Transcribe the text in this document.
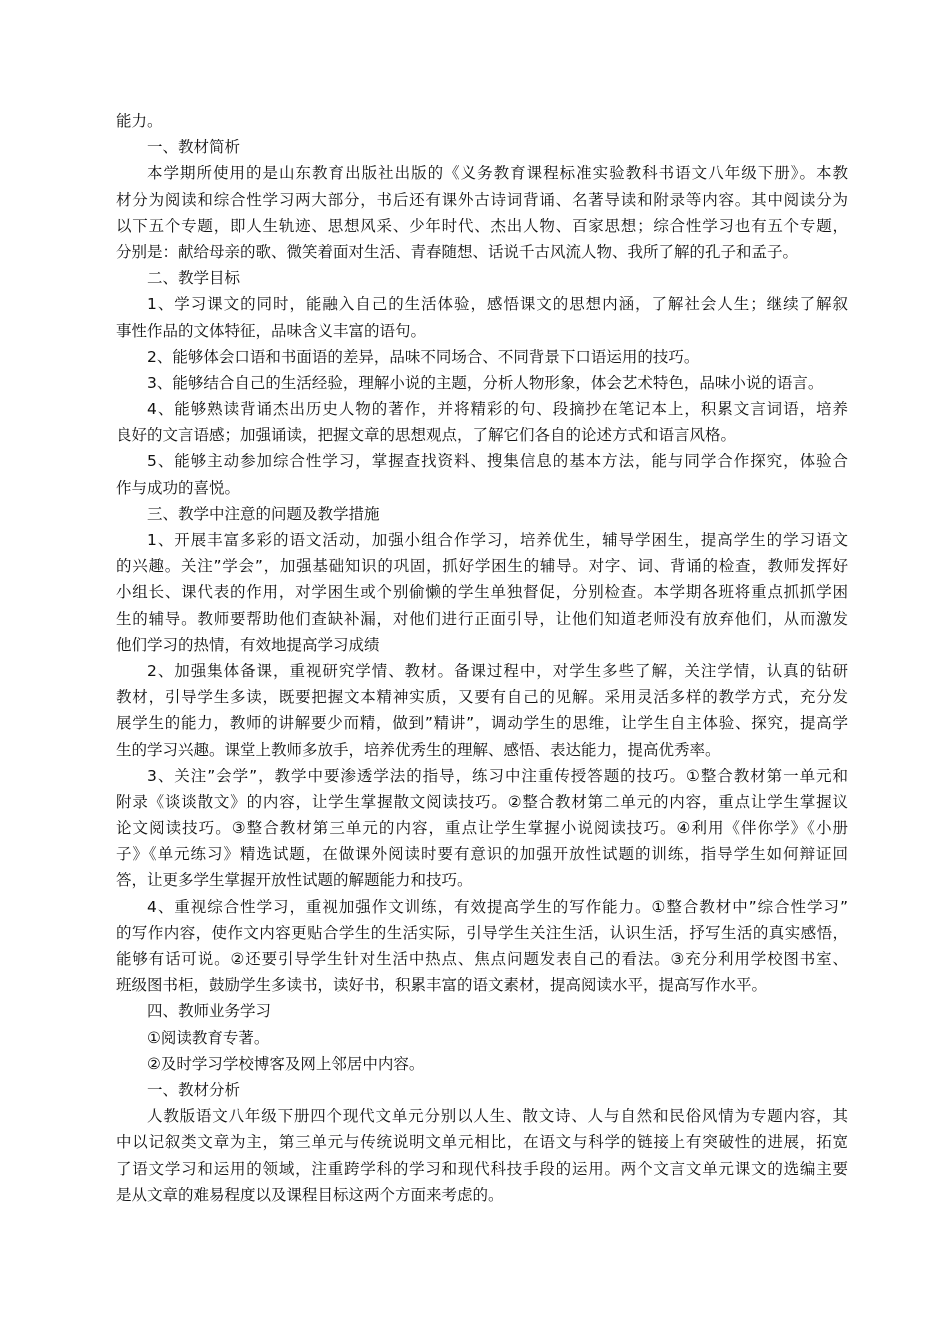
能力。
一、教材简析
本学期所使用的是山东教育出版社出版的《义务教育课程标准实验教科书语文八年级下册》。本教
材分为阅读和综合性学习两大部分，书后还有课外古诗词背诵、名著导读和附录等内容。其中阅读分为
以下五个专题，即人生轨迹、思想风采、少年时代、杰出人物、百家思想；综合性学习也有五个专题，
分别是：献给母亲的歌、微笑着面对生活、青春随想、话说千古风流人物、我所了解的孔子和孟子。
二、教学目标
1、学习课文的同时，能融入自己的生活体验，感悟课文的思想内涵，了解社会人生；继续了解叙
事性作品的文体特征，品味含义丰富的语句。
2、能够体会口语和书面语的差异，品味不同场合、不同背景下口语运用的技巧。
3、能够结合自己的生活经验，理解小说的主题，分析人物形象，体会艺术特色，品味小说的语言。
4、能够熟读背诵杰出历史人物的著作，并将精彩的句、段摘抄在笔记本上，积累文言词语，培养
良好的文言语感；加强诵读，把握文章的思想观点，了解它们各自的论述方式和语言风格。
5、能够主动参加综合性学习，掌握查找资料、搜集信息的基本方法，能与同学合作探究，体验合
作与成功的喜悦。
三、教学中注意的问题及教学措施
1、开展丰富多彩的语文活动，加强小组合作学习，培养优生，辅导学困生，提高学生的学习语文
的兴趣。关注”学会”，加强基础知识的巩固，抓好学困生的辅导。对字、词、背诵的检查，教师发挥好
小组长、课代表的作用，对学困生或个别偷懒的学生单独督促，分别检查。本学期各班将重点抓抓学困
生的辅导。教师要帮助他们查缺补漏，对他们进行正面引导，让他们知道老师没有放弃他们，从而激发
他们学习的热情，有效地提高学习成绩
2、加强集体备课，重视研究学情、教材。备课过程中，对学生多些了解，关注学情，认真的钻研
教材，引导学生多读，既要把握文本精神实质，又要有自己的见解。采用灵活多样的教学方式，充分发
展学生的能力，教师的讲解要少而精，做到”精讲”，调动学生的思维，让学生自主体验、探究，提高学
生的学习兴趣。课堂上教师多放手，培养优秀生的理解、感悟、表达能力，提高优秀率。
3、关注”会学”，教学中要渗透学法的指导，练习中注重传授答题的技巧。①整合教材第一单元和
附录《谈谈散文》的内容，让学生掌握散文阅读技巧。②整合教材第二单元的内容，重点让学生掌握议
论文阅读技巧。③整合教材第三单元的内容，重点让学生掌握小说阅读技巧。④利用《伴你学》《小册
子》《单元练习》精选试题，在做课外阅读时要有意识的加强开放性试题的训练，指导学生如何辩证回
答，让更多学生掌握开放性试题的解题能力和技巧。
4、重视综合性学习，重视加强作文训练，有效提高学生的写作能力。①整合教材中”综合性学习”
的写作内容，使作文内容更贴合学生的生活实际，引导学生关注生活，认识生活，抒写生活的真实感悟，
能够有话可说。②还要引导学生针对生活中热点、焦点问题发表自己的看法。③充分利用学校图书室、
班级图书柜，鼓励学生多读书，读好书，积累丰富的语文素材，提高阅读水平，提高写作水平。
四、教师业务学习
①阅读教育专著。
②及时学习学校博客及网上邻居中内容。
一、教材分析
人教版语文八年级下册四个现代文单元分别以人生、散文诗、人与自然和民俗风情为专题内容，其
中以记叙类文章为主，第三单元与传统说明文单元相比，在语文与科学的链接上有突破性的进展，拓宽
了语文学习和运用的领域，注重跨学科的学习和现代科技手段的运用。两个文言文单元课文的选编主要
是从文章的难易程度以及课程目标这两个方面来考虑的。
